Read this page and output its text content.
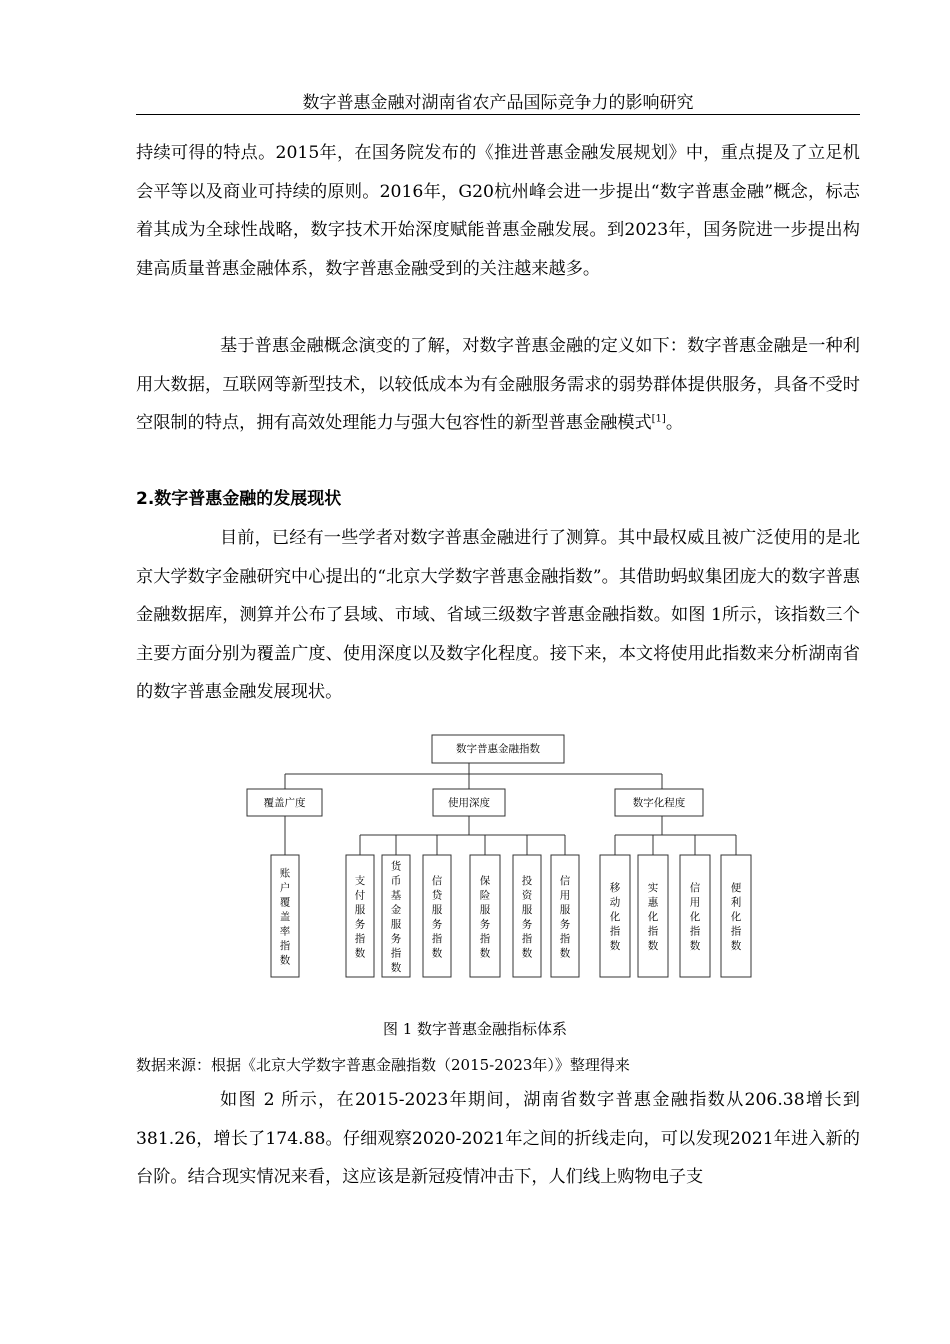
数字普惠金融对湖南省农产品国际竞争力的影响研究

持续可得的特点。2015年，在国务院发布的《推进普惠金融发展规划》中，重点提及了立足机会平等以及商业可持续的原则。2016年，G20杭州峰会进一步提出“数字普惠金融”概念，标志着其成为全球性战略，数字技术开始深度赋能普惠金融发展。到2023年，国务院进一步提出构建高质量普惠金融体系，数字普惠金融受到的关注越来越多。

基于普惠金融概念演变的了解，对数字普惠金融的定义如下：数字普惠金融是一种利用大数据，互联网等新型技术，以较低成本为有金融服务需求的弱势群体提供服务，具备不受时空限制的特点，拥有高效处理能力与强大包容性的新型普惠金融模式[1]。

2.数字普惠金融的发展现状

目前，已经有一些学者对数字普惠金融进行了测算。其中最权威且被广泛使用的是北京大学数字金融研究中心提出的“北京大学数字普惠金融指数”。其借助蚂蚁集团庞大的数字普惠金融数据库，测算并公布了县域、市域、省域三级数字普惠金融指数。如图 1所示，该指数三个主要方面分别为覆盖广度、使用深度以及数字化程度。接下来，本文将使用此指数来分析湖南省的数字普惠金融发展现状。

数字普惠金融指数
覆盖广度	使用深度	数字化程度
账户覆盖率指数
支付服务指数
货币基金服务指数
信贷服务指数
保险服务指数
投资服务指数
信用服务指数
移动化指数
实惠化指数
信用化指数
便利化指数
图 1 数字普惠金融指标体系
数据来源：根据《北京大学数字普惠金融指数（2015-2023年）》整理得来

如图 2 所示，在2015-2023年期间，湖南省数字普惠金融指数从206.38增长到381.26，增长了174.88。仔细观察2020-2021年之间的折线走向，可以发现2021年进入新的台阶。结合现实情况来看，这应该是新冠疫情冲击下，人们线上购物电子支
